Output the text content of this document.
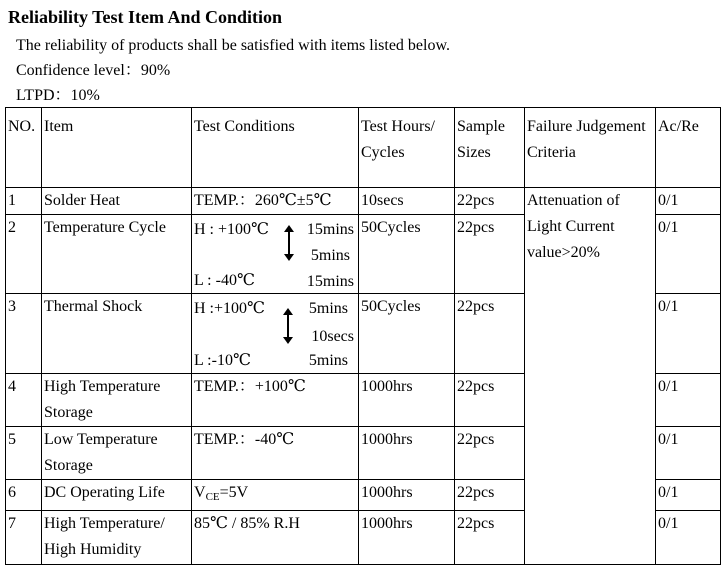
Reliability Test Item And Condition
The reliability of products shall be satisfied with items listed below.
Confidence level：90%
LTPD：10%
NO.	Item	Test Conditions	Test Hours/ Cycles	Sample Sizes	Failure Judgement Criteria	Ac/Re
1	Solder Heat	TEMP.：260℃±5℃	10secs	22pcs	Attenuation of Light Current value>20%	0/1
2	Temperature Cycle	H : +100℃ 15mins
5mins
L : -40℃ 15mins	50Cycles	22pcs		0/1
3	Thermal Shock	H :+100℃ 5mins
10secs
L :-10℃ 5mins	50Cycles	22pcs		0/1
4	High Temperature Storage	TEMP.：+100℃	1000hrs	22pcs		0/1
5	Low Temperature Storage	TEMP.：-40℃	1000hrs	22pcs		0/1
6	DC Operating Life	$V_{CE}=5V$	1000hrs	22pcs		0/1
7	High Temperature/ High Humidity	85℃ / 85% R.H	1000hrs	22pcs		0/1
